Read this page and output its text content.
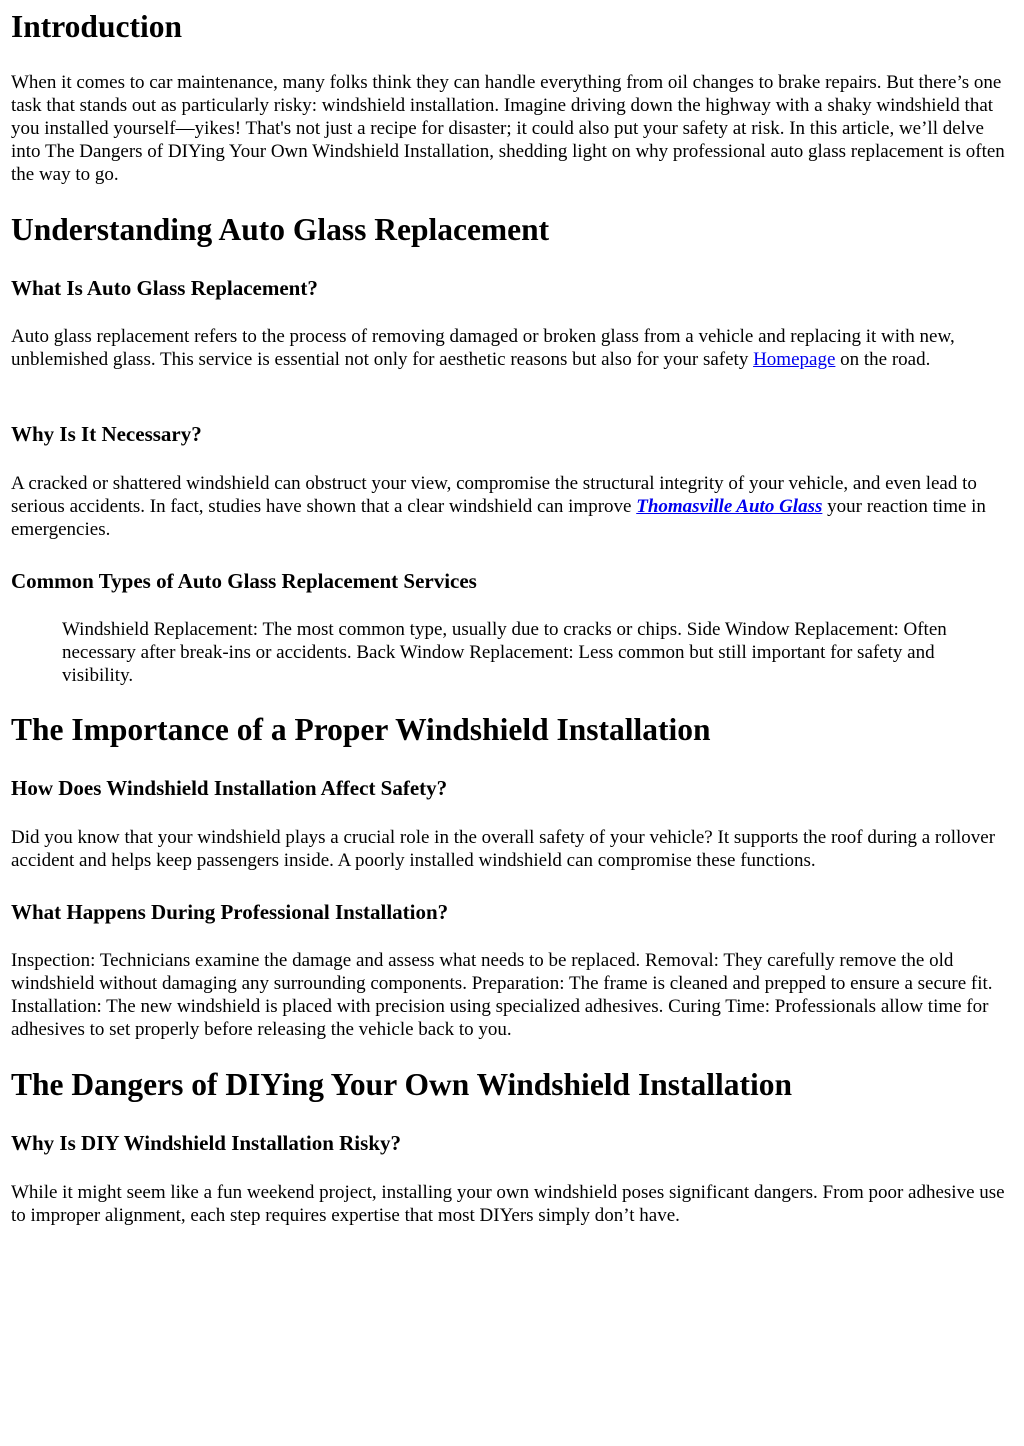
Introduction

When it comes to car maintenance, many folks think they can handle everything from oil changes to brake repairs. But there’s one task that stands out as particularly risky: windshield installation. Imagine driving down the highway with a shaky windshield that you installed yourself—yikes! That's not just a recipe for disaster; it could also put your safety at risk. In this article, we’ll delve into The Dangers of DIYing Your Own Windshield Installation, shedding light on why professional auto glass replacement is often the way to go.

Understanding Auto Glass Replacement
What Is Auto Glass Replacement?

Auto glass replacement refers to the process of removing damaged or broken glass from a vehicle and replacing it with new, unblemished glass. This service is essential not only for aesthetic reasons but also for your safety Homepage on the road.

Why Is It Necessary?

A cracked or shattered windshield can obstruct your view, compromise the structural integrity of your vehicle, and even lead to serious accidents. In fact, studies have shown that a clear windshield can improve Thomasville Auto Glass your reaction time in emergencies.

Common Types of Auto Glass Replacement Services

Windshield Replacement: The most common type, usually due to cracks or chips. Side Window Replacement: Often necessary after break-ins or accidents. Back Window Replacement: Less common but still important for safety and visibility.

The Importance of a Proper Windshield Installation
How Does Windshield Installation Affect Safety?

Did you know that your windshield plays a crucial role in the overall safety of your vehicle? It supports the roof during a rollover accident and helps keep passengers inside. A poorly installed windshield can compromise these functions.

What Happens During Professional Installation?

Inspection: Technicians examine the damage and assess what needs to be replaced. Removal: They carefully remove the old windshield without damaging any surrounding components. Preparation: The frame is cleaned and prepped to ensure a secure fit. Installation: The new windshield is placed with precision using specialized adhesives. Curing Time: Professionals allow time for adhesives to set properly before releasing the vehicle back to you.

The Dangers of DIYing Your Own Windshield Installation
Why Is DIY Windshield Installation Risky?

While it might seem like a fun weekend project, installing your own windshield poses significant dangers. From poor adhesive use to improper alignment, each step requires expertise that most DIYers simply don’t have.
